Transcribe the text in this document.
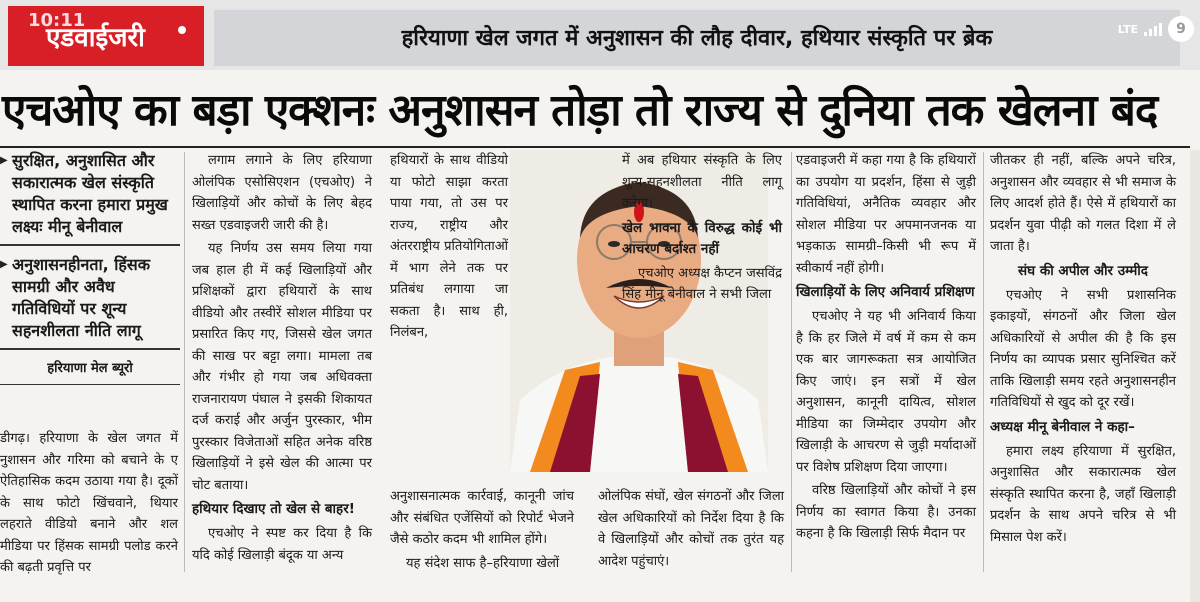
एडवाईजरी
10:11
हरियाणा खेल जगत में अनुशासन की लौह दीवार, हथियार संस्कृति पर ब्रेक	LTE	9
एचओए का बड़ा एक्शनः अनुशासन तोड़ा तो राज्य से दुनिया तक खेलना बंद
▶ सुरक्षित, अनुशासित और सकारात्मक खेल संस्कृति स्थापित करना हमारा प्रमुख लक्ष्यः मीनू बेनीवाल
▶ अनुशासनहीनता, हिंसक सामग्री और अवैध गतिविधियों पर शून्य सहनशीलता नीति लागू
हरियाणा मेल ब्यूरो

डीगढ़। हरियाणा के खेल जगत में नुशासन और गरिमा को बचाने के ए ऐतिहासिक कदम उठाया गया है। दूकों के साथ फोटो खिंचवाने, थियार लहराते वीडियो बनाने और शल मीडिया पर हिंसक सामग्री पलोड करने की बढ़ती प्रवृत्ति पर

लगाम लगाने के लिए हरियाणा ओलंपिक एसोसिएशन (एचओए) ने खिलाड़ियों और कोचों के लिए बेहद सख्त एडवाइजरी जारी की है।

यह निर्णय उस समय लिया गया जब हाल ही में कई खिलाड़ियों और प्रशिक्षकों द्वारा हथियारों के साथ वीडियो और तस्वीरें सोशल मीडिया पर प्रसारित किए गए, जिससे खेल जगत की साख पर बट्टा लगा। मामला तब और गंभीर हो गया जब अधिवक्ता राजनारायण पंघाल ने इसकी शिकायत दर्ज कराई और अर्जुन पुरस्कार, भीम पुरस्कार विजेताओं सहित अनेक वरिष्ठ खिलाड़ियों ने इसे खेल की आत्मा पर चोट बताया।

हथियार दिखाए तो खेल से बाहर!

एचओए ने स्पष्ट कर दिया है कि यदि कोई खिलाड़ी बंदूक या अन्य

हथियारों के साथ वीडियो या फोटो साझा करता पाया गया, तो उस पर राज्य, राष्ट्रीय और अंतरराष्ट्रीय प्रतियोगिताओं में भाग लेने तक पर प्रतिबंध लगाया जा सकता है। साथ ही, निलंबन,

अनुशासनात्मक कार्रवाई, कानूनी जांच और संबंधित एजेंसियों को रिपोर्ट भेजने जैसे कठोर कदम भी शामिल होंगे।

यह संदेश साफ है–हरियाणा खेलों

में अब हथियार संस्कृति के लिए शून्य-सहनशीलता नीति लागू करेगा।

खेल भावना के विरुद्ध कोई भी आचरण बर्दाश्त नहीं

एचओए अध्यक्ष कैप्टन जसविंद्र सिंह मीनू बेनीवाल ने सभी जिला

ओलंपिक संघों, खेल संगठनों और जिला खेल अधिकारियों को निर्देश दिया है कि वे खिलाड़ियों और कोचों तक तुरंत यह आदेश पहुंचाएं।

एडवाइजरी में कहा गया है कि हथियारों का उपयोग या प्रदर्शन, हिंसा से जुड़ी गतिविधियां, अनैतिक व्यवहार और सोशल मीडिया पर अपमानजनक या भड़काऊ सामग्री–किसी भी रूप में स्वीकार्य नहीं होगी।

खिलाड़ियों के लिए अनिवार्य प्रशिक्षण

एचओए ने यह भी अनिवार्य किया है कि हर जिले में वर्ष में कम से कम एक बार जागरूकता सत्र आयोजित किए जाएं। इन सत्रों में खेल अनुशासन, कानूनी दायित्व, सोशल मीडिया का जिम्मेदार उपयोग और खिलाड़ी के आचरण से जुड़ी मर्यादाओं पर विशेष प्रशिक्षण दिया जाएगा।

वरिष्ठ खिलाड़ियों और कोचों ने इस निर्णय का स्वागत किया है। उनका कहना है कि खिलाड़ी सिर्फ मैदान पर

जीतकर ही नहीं, बल्कि अपने चरित्र, अनुशासन और व्यवहार से भी समाज के लिए आदर्श होते हैं। ऐसे में हथियारों का प्रदर्शन युवा पीढ़ी को गलत दिशा में ले जाता है।

संघ की अपील और उम्मीद

एचओए ने सभी प्रशासनिक इकाइयों, संगठनों और जिला खेल अधिकारियों से अपील की है कि इस निर्णय का व्यापक प्रसार सुनिश्चित करें ताकि खिलाड़ी समय रहते अनुशासनहीन गतिविधियों से खुद को दूर रखें।

अध्यक्ष मीनू बेनीवाल ने कहा–

हमारा लक्ष्य हरियाणा में सुरक्षित, अनुशासित और सकारात्मक खेल संस्कृति स्थापित करना है, जहाँ खिलाड़ी प्रदर्शन के साथ अपने चरित्र से भी मिसाल पेश करें।
